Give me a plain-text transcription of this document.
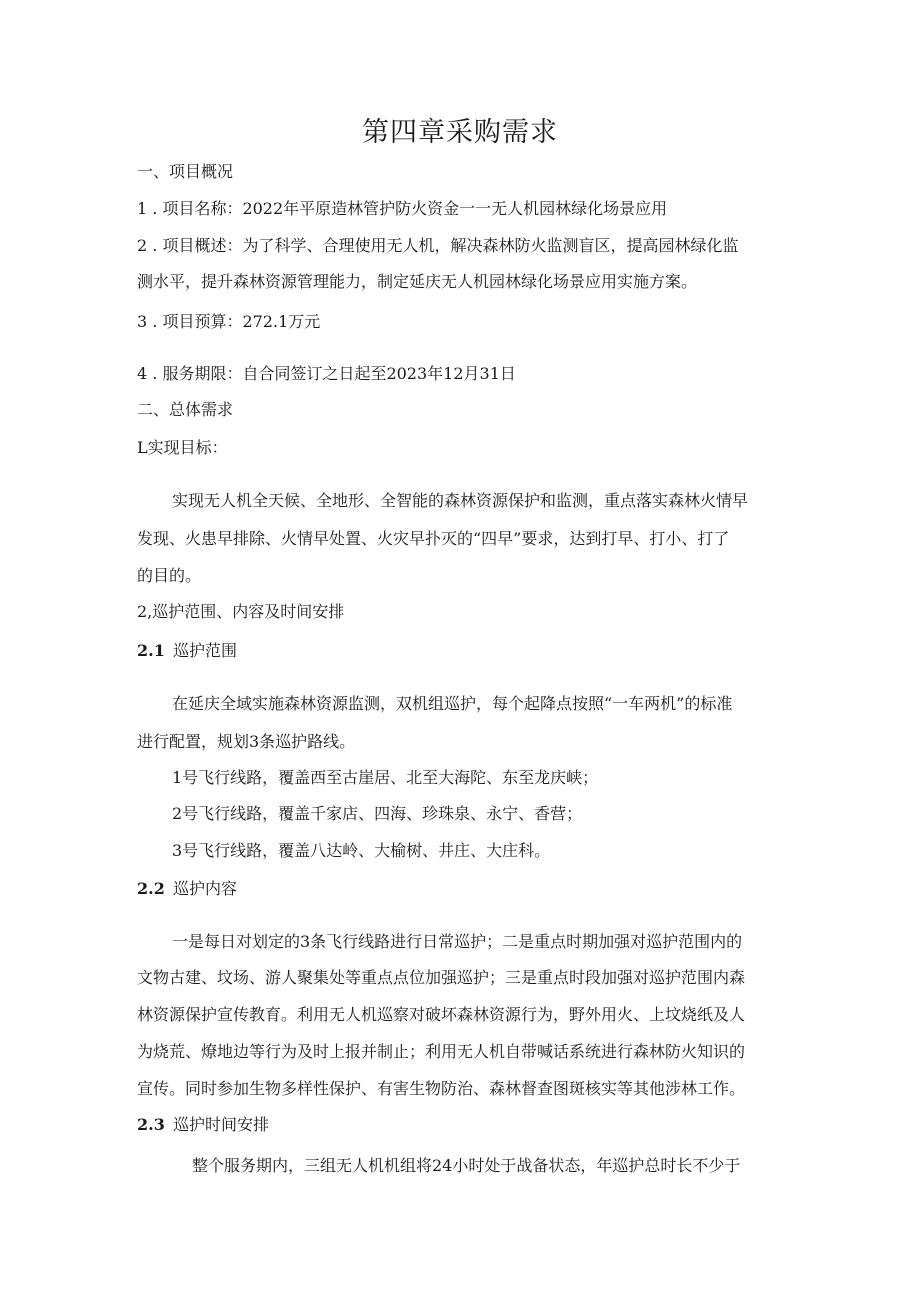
第四章采购需求
一、项目概况
1 . 项目名称：2022年平原造林管护防火资金一一无人机园林绿化场景应用
2 . 项目概述：为了科学、合理使用无人机，解决森林防火监测盲区，提高园林绿化监
测水平，提升森林资源管理能力，制定延庆无人机园林绿化场景应用实施方案。
3 . 项目预算：272.1万元
4 . 服务期限：自合同签订之日起至2023年12月31日
二、总体需求
L实现目标：
实现无人机全天候、全地形、全智能的森林资源保护和监测，重点落实森林火情早
发现、火患早排除、火情早处置、火灾早扑灭的“四早”要求，达到打早、打小、打了
的目的。
2,巡护范围、内容及时间安排
2.1 巡护范围
在延庆全域实施森林资源监测，双机组巡护，每个起降点按照“一车两机”的标准
进行配置，规划3条巡护路线。
1号飞行线路，覆盖西至古崖居、北至大海陀、东至龙庆峡；
2号飞行线路，覆盖千家店、四海、珍珠泉、永宁、香营；
3号飞行线路，覆盖八达岭、大榆树、井庄、大庄科。
2.2 巡护内容
一是每日对划定的3条飞行线路进行日常巡护；二是重点时期加强对巡护范围内的
文物古建、坟场、游人聚集处等重点点位加强巡护；三是重点时段加强对巡护范围内森
林资源保护宣传教育。利用无人机巡察对破坏森林资源行为，野外用火、上坟烧纸及人
为烧荒、燎地边等行为及时上报并制止；利用无人机自带喊话系统进行森林防火知识的
宣传。同时参加生物多样性保护、有害生物防治、森林督查图斑核实等其他涉林工作。
2.3 巡护时间安排
整个服务期内，三组无人机机组将24小时处于战备状态，年巡护总时长不少于
